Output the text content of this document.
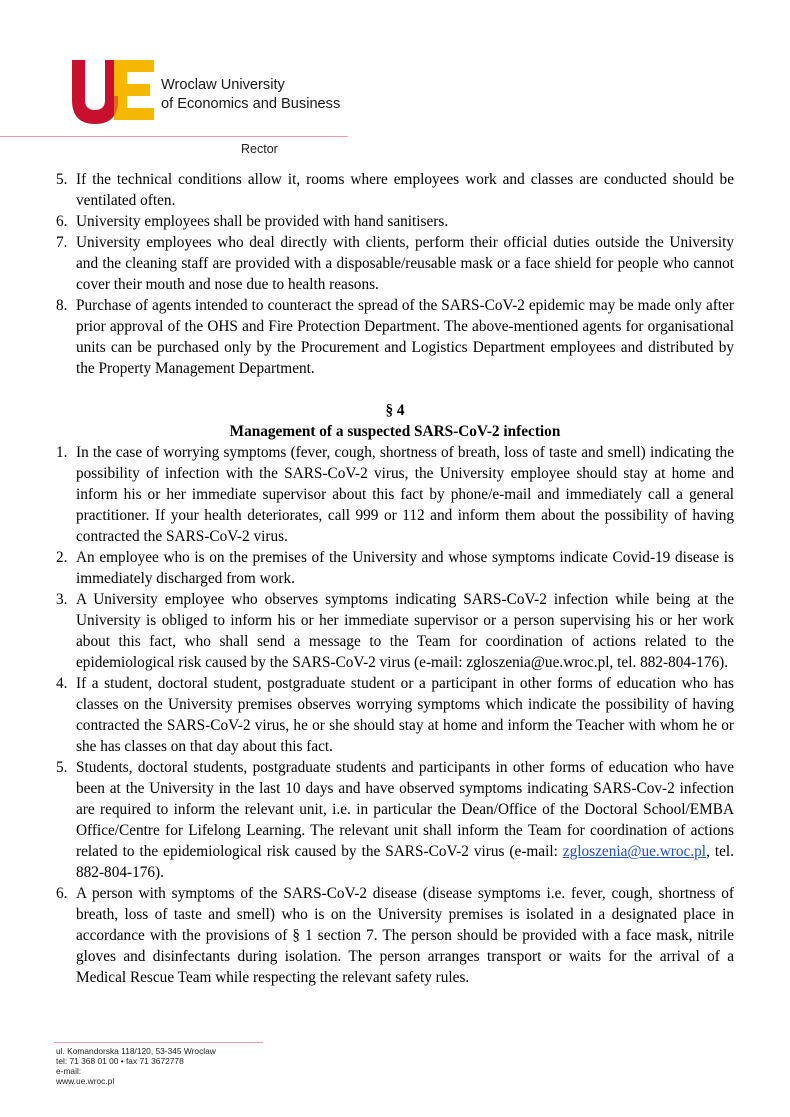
Wroclaw University
of Economics and Business
Rector
5. If the technical conditions allow it, rooms where employees work and classes are conducted should be ventilated often.
6. University employees shall be provided with hand sanitisers.
7. University employees who deal directly with clients, perform their official duties outside the University and the cleaning staff are provided with a disposable/reusable mask or a face shield for people who cannot cover their mouth and nose due to health reasons.
8. Purchase of agents intended to counteract the spread of the SARS-CoV-2 epidemic may be made only after prior approval of the OHS and Fire Protection Department. The above-mentioned agents for organisational units can be purchased only by the Procurement and Logistics Department employees and distributed by the Property Management Department.
§ 4
Management of a suspected SARS-CoV-2 infection
1. In the case of worrying symptoms (fever, cough, shortness of breath, loss of taste and smell) indicating the possibility of infection with the SARS-CoV-2 virus, the University employee should stay at home and inform his or her immediate supervisor about this fact by phone/e-mail and immediately call a general practitioner. If your health deteriorates, call 999 or 112 and inform them about the possibility of having contracted the SARS-CoV-2 virus.
2. An employee who is on the premises of the University and whose symptoms indicate Covid-19 disease is immediately discharged from work.
3. A University employee who observes symptoms indicating SARS-CoV-2 infection while being at the University is obliged to inform his or her immediate supervisor or a person supervising his or her work about this fact, who shall send a message to the Team for coordination of actions related to the epidemiological risk caused by the SARS-CoV-2 virus (e-mail: zgloszenia@ue.wroc.pl, tel. 882-804-176).
4. If a student, doctoral student, postgraduate student or a participant in other forms of education who has classes on the University premises observes worrying symptoms which indicate the possibility of having contracted the SARS-CoV-2 virus, he or she should stay at home and inform the Teacher with whom he or she has classes on that day about this fact.
5. Students, doctoral students, postgraduate students and participants in other forms of education who have been at the University in the last 10 days and have observed symptoms indicating SARS-Cov-2 infection are required to inform the relevant unit, i.e. in particular the Dean/Office of the Doctoral School/EMBA Office/Centre for Lifelong Learning. The relevant unit shall inform the Team for coordination of actions related to the epidemiological risk caused by the SARS-CoV-2 virus (e-mail: zgloszenia@ue.wroc.pl, tel. 882-804-176).
6. A person with symptoms of the SARS-CoV-2 disease (disease symptoms i.e. fever, cough, shortness of breath, loss of taste and smell) who is on the University premises is isolated in a designated place in accordance with the provisions of § 1 section 7. The person should be provided with a face mask, nitrile gloves and disinfectants during isolation. The person arranges transport or waits for the arrival of a Medical Rescue Team while respecting the relevant safety rules.
ul. Komandorska 118/120, 53-345 Wroclaw
tel: 71 368 01 00 • fax 71 3672778
e-mail:
www.ue.wroc.pl
